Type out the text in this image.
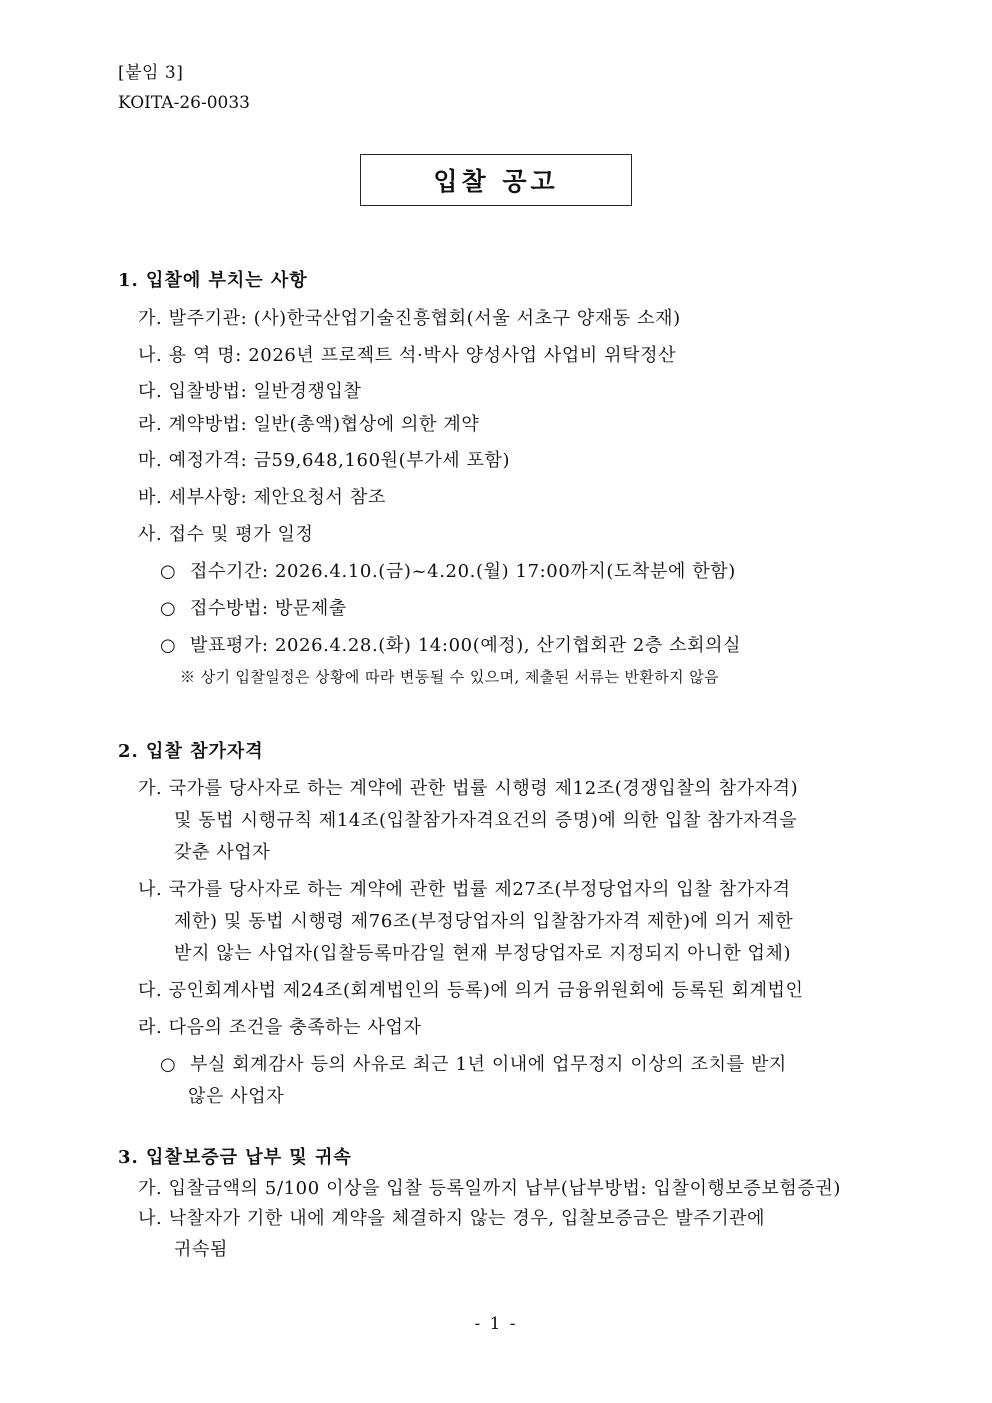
[붙임 3]
KOITA-26-0033
입찰 공고
1. 입찰에 부치는 사항
가. 발주기관: (사)한국산업기술진흥협회(서울 서초구 양재동 소재)
나. 용 역 명: 2026년 프로젝트 석·박사 양성사업 사업비 위탁정산
다. 입찰방법: 일반경쟁입찰
라. 계약방법: 일반(총액)협상에 의한 계약
마. 예정가격: 금59,648,160원(부가세 포함)
바. 세부사항: 제안요청서 참조
사. 접수 및 평가 일정
○ 접수기간: 2026.4.10.(금)~4.20.(월) 17:00까지(도착분에 한함)
○ 접수방법: 방문제출
○ 발표평가: 2026.4.28.(화) 14:00(예정), 산기협회관 2층 소회의실
※ 상기 입찰일정은 상황에 따라 변동될 수 있으며, 제출된 서류는 반환하지 않음
2. 입찰 참가자격
가. 국가를 당사자로 하는 계약에 관한 법률 시행령 제12조(경쟁입찰의 참가자격)
및 동법 시행규칙 제14조(입찰참가자격요건의 증명)에 의한 입찰 참가자격을
갖춘 사업자
나. 국가를 당사자로 하는 계약에 관한 법률 제27조(부정당업자의 입찰 참가자격
제한) 및 동법 시행령 제76조(부정당업자의 입찰참가자격 제한)에 의거 제한
받지 않는 사업자(입찰등록마감일 현재 부정당업자로 지정되지 아니한 업체)
다. 공인회계사법 제24조(회계법인의 등록)에 의거 금융위원회에 등록된 회계법인
라. 다음의 조건을 충족하는 사업자
○ 부실 회계감사 등의 사유로 최근 1년 이내에 업무정지 이상의 조치를 받지
않은 사업자
3. 입찰보증금 납부 및 귀속
가. 입찰금액의 5/100 이상을 입찰 등록일까지 납부(납부방법: 입찰이행보증보험증권)
나. 낙찰자가 기한 내에 계약을 체결하지 않는 경우, 입찰보증금은 발주기관에
귀속됨
- 1 -
